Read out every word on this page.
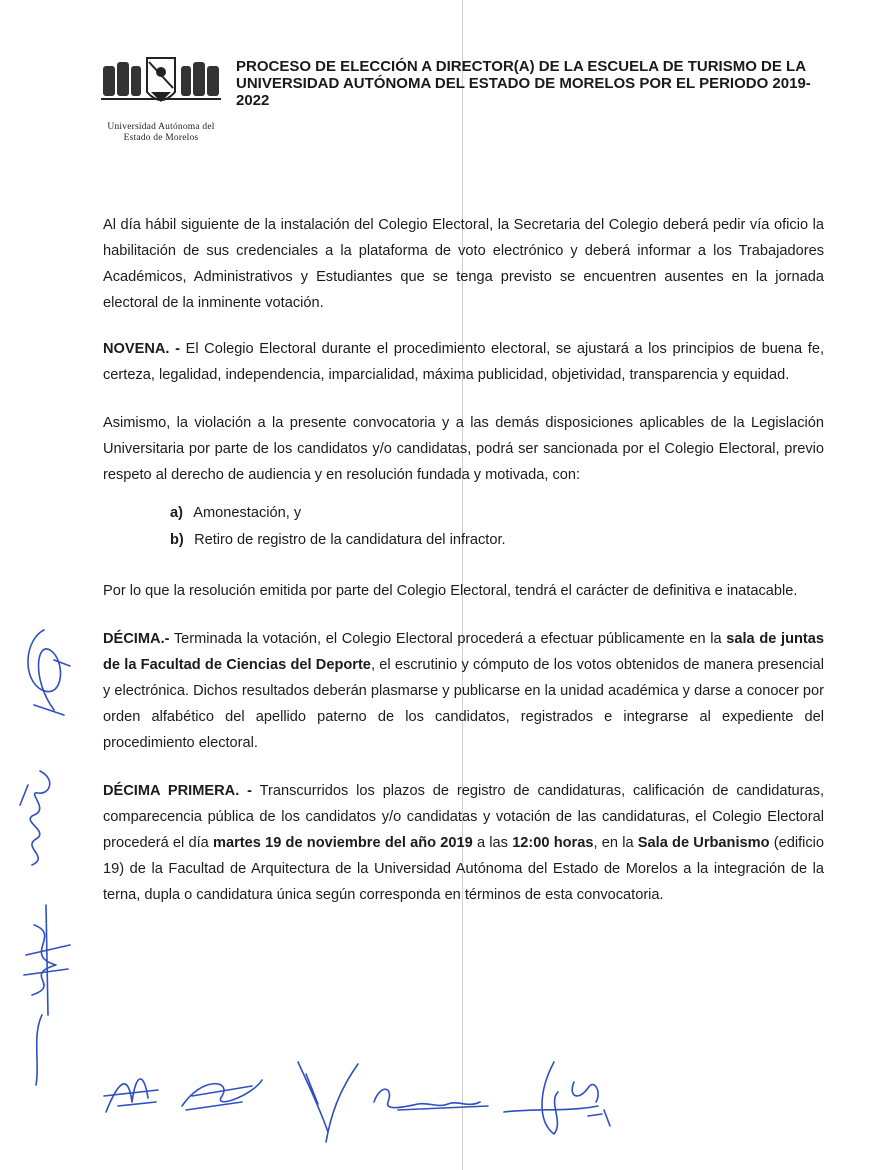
Universidad Autónoma del
Estado de Morelos
PROCESO DE ELECCIÓN A DIRECTOR(A) DE LA ESCUELA DE TURISMO DE LA UNIVERSIDAD AUTÓNOMA DEL ESTADO DE MORELOS POR EL PERIODO 2019-2022

Al día hábil siguiente de la instalación del Colegio Electoral, la Secretaria del Colegio deberá pedir vía oficio la habilitación de sus credenciales a la plataforma de voto electrónico y deberá informar a los Trabajadores Académicos, Administrativos y Estudiantes que se tenga previsto se encuentren ausentes en la jornada electoral de la inminente votación.

NOVENA. - El Colegio Electoral durante el procedimiento electoral, se ajustará a los principios de buena fe, certeza, legalidad, independencia, imparcialidad, máxima publicidad, objetividad, transparencia y equidad.

Asimismo, la violación a la presente convocatoria y a las demás disposiciones aplicables de la Legislación Universitaria por parte de los candidatos y/o candidatas, podrá ser sancionada por el Colegio Electoral, previo respeto al derecho de audiencia y en resolución fundada y motivada, con:

a) Amonestación, y
b) Retiro de registro de la candidatura del infractor.

Por lo que la resolución emitida por parte del Colegio Electoral, tendrá el carácter de definitiva e inatacable.

DÉCIMA.- Terminada la votación, el Colegio Electoral procederá a efectuar públicamente en la sala de juntas de la Facultad de Ciencias del Deporte, el escrutinio y cómputo de los votos obtenidos de manera presencial y electrónica. Dichos resultados deberán plasmarse y publicarse en la unidad académica y darse a conocer por orden alfabético del apellido paterno de los candidatos, registrados e integrarse al expediente del procedimiento electoral.

DÉCIMA PRIMERA. - Transcurridos los plazos de registro de candidaturas, calificación de candidaturas, comparecencia pública de los candidatos y/o candidatas y votación de las candidaturas, el Colegio Electoral procederá el día martes 19 de noviembre del año 2019 a las 12:00 horas, en la Sala de Urbanismo (edificio 19) de la Facultad de Arquitectura de la Universidad Autónoma del Estado de Morelos a la integración de la terna, dupla o candidatura única según corresponda en términos de esta convocatoria.
